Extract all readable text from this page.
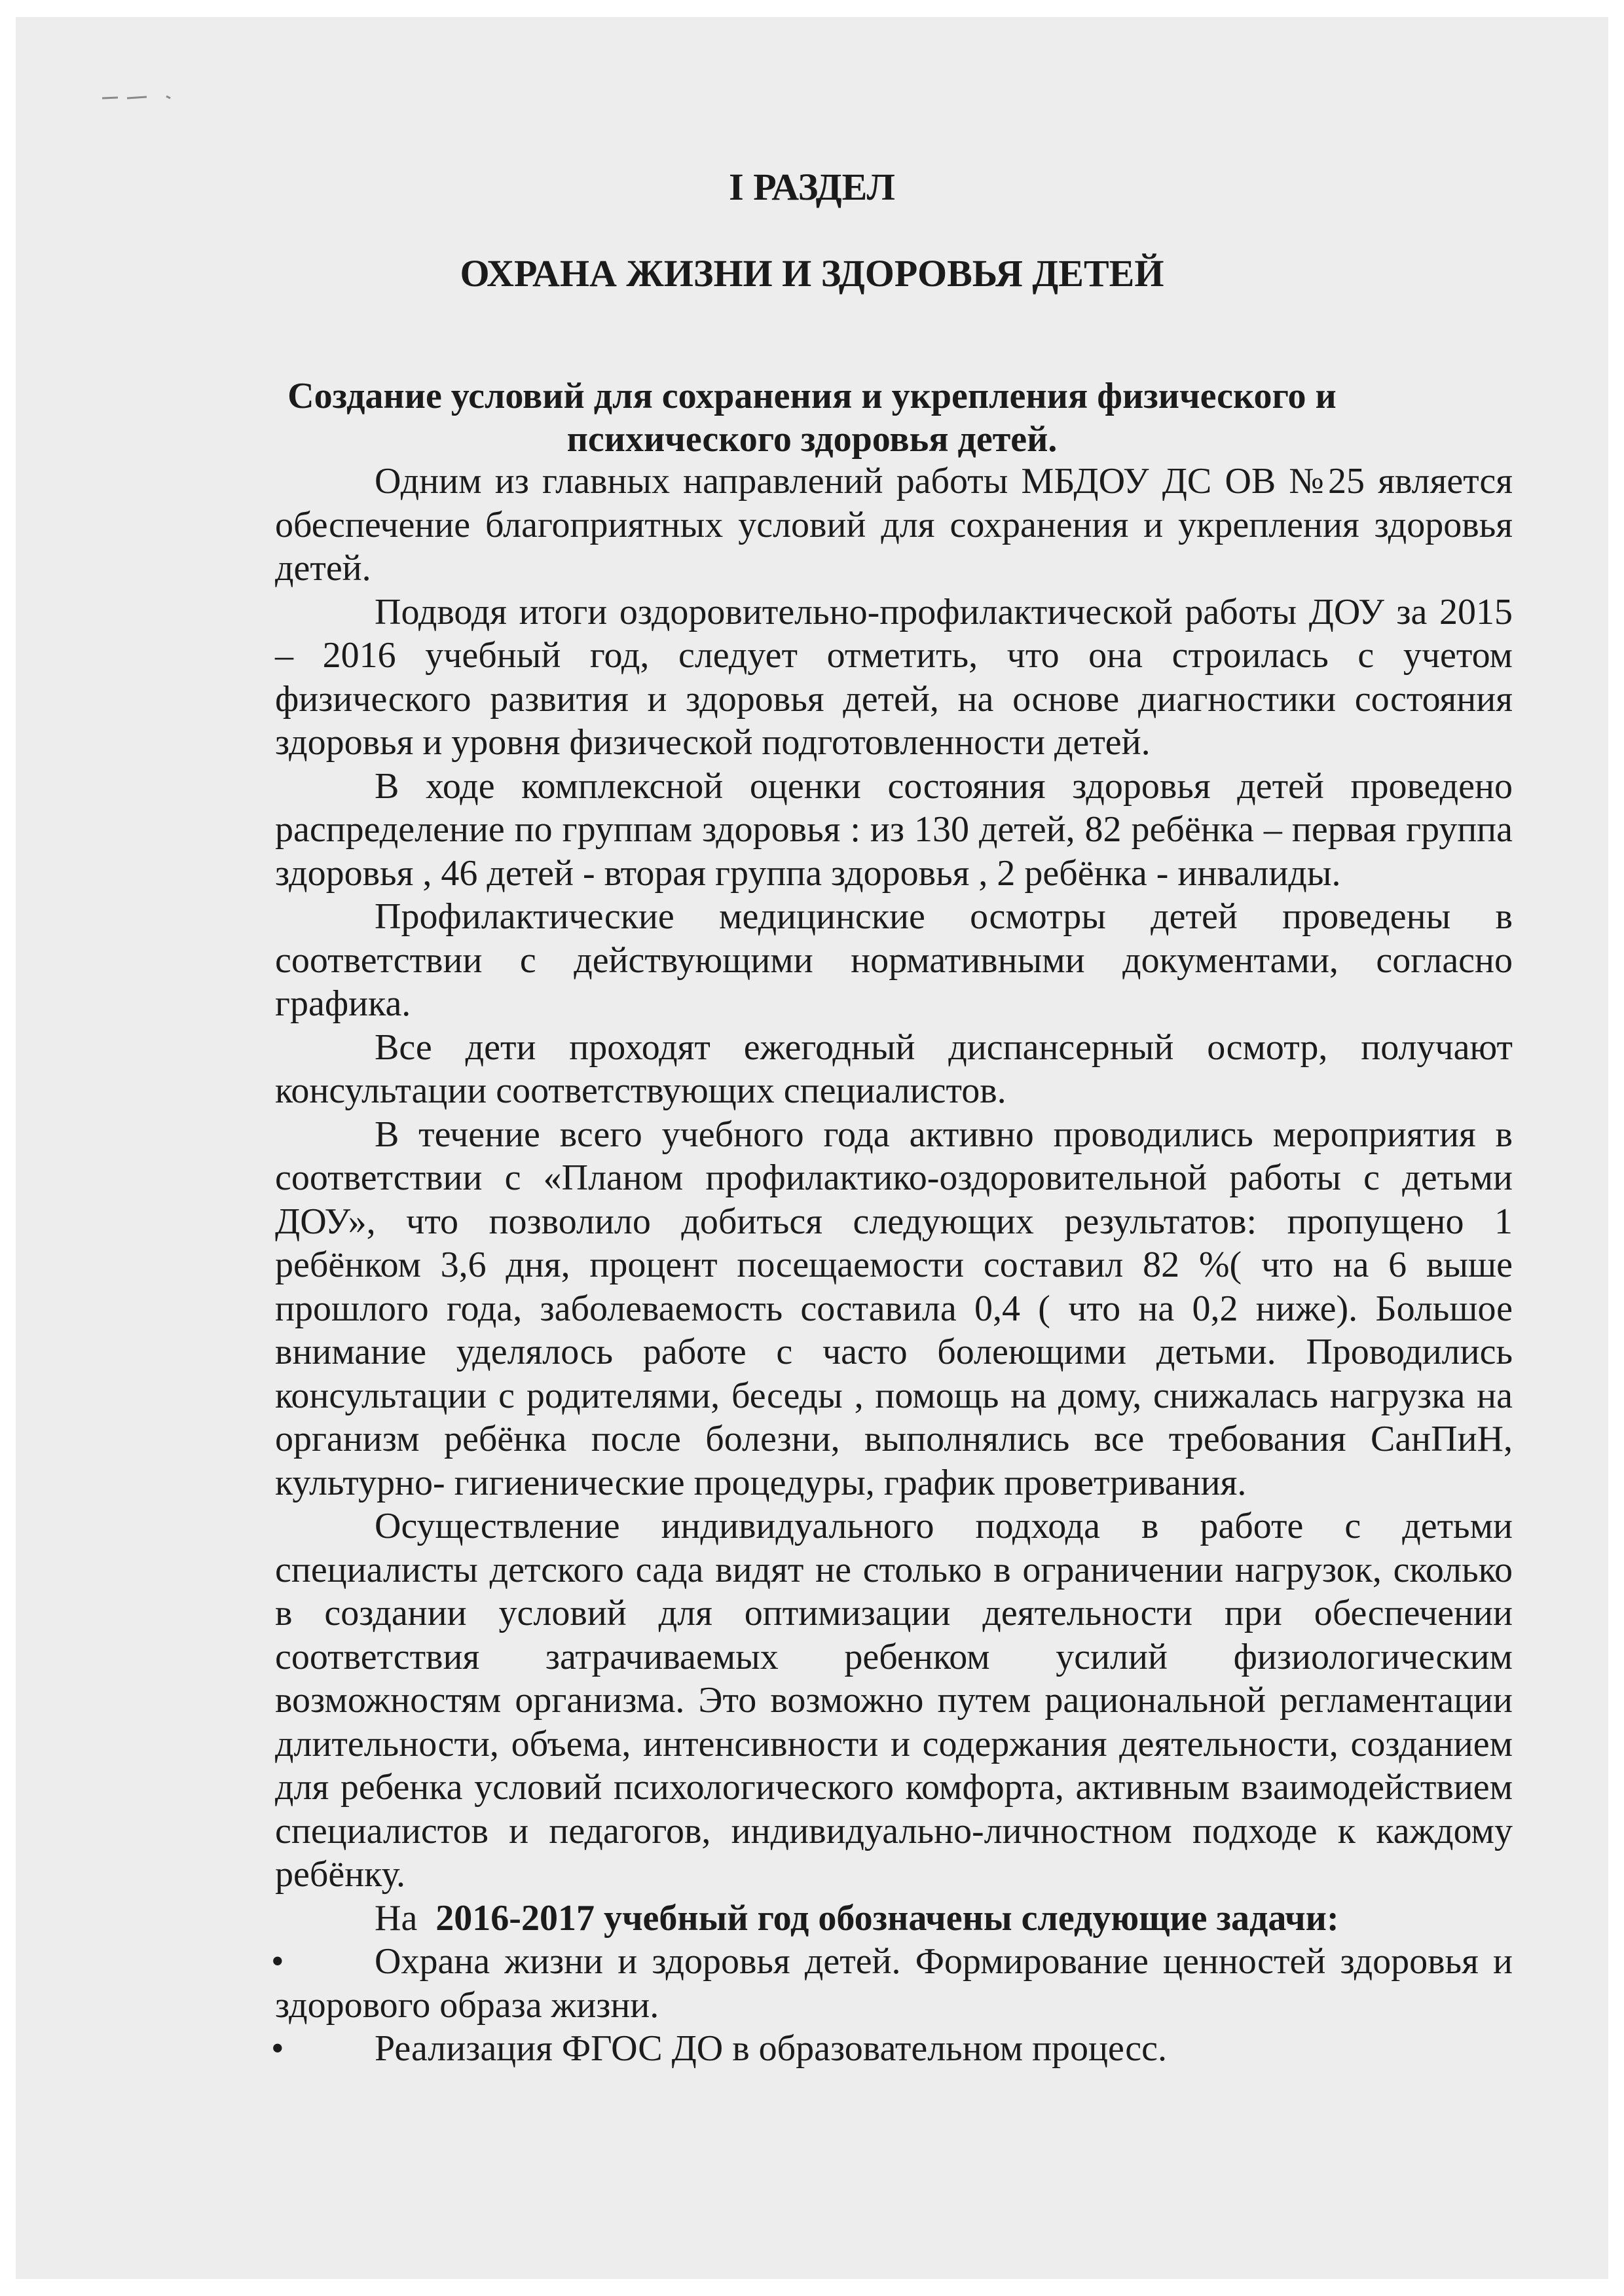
I РАЗДЕЛ
ОХРАНА ЖИЗНИ И ЗДОРОВЬЯ ДЕТЕЙ
Создание условий для сохранения и укрепления физического и психического здоровья детей.

Одним из главных направлений работы МБДОУ ДС ОВ №25 является обеспечение благоприятных условий для сохранения и укрепления здоровья детей.

Подводя итоги оздоровительно-профилактической работы ДОУ за 2015 – 2016 учебный год, следует отметить, что она строилась с учетом физического развития и здоровья детей, на основе диагностики состояния здоровья и уровня физической подготовленности детей.

В ходе комплексной оценки состояния здоровья детей проведено распределение по группам здоровья : из 130 детей, 82 ребёнка – первая группа здоровья , 46 детей - вторая группа здоровья , 2 ребёнка - инвалиды.

Профилактические медицинские осмотры детей проведены в соответствии с действующими нормативными документами, согласно графика.

Все дети проходят ежегодный диспансерный осмотр, получают консультации соответствующих специалистов.

В течение всего учебного года активно проводились мероприятия в соответствии с «Планом профилактико-оздоровительной работы с детьми ДОУ», что позволило добиться следующих результатов: пропущено 1 ребёнком 3,6 дня, процент посещаемости составил 82 %( что на 6 выше прошлого года, заболеваемость составила 0,4 ( что на 0,2 ниже). Большое внимание уделялось работе с часто болеющими детьми. Проводились консультации с родителями, беседы , помощь на дому, снижалась нагрузка на организм ребёнка после болезни, выполнялись все требования СанПиН, культурно- гигиенические процедуры, график проветривания.

Осуществление индивидуального подхода в работе с детьми специалисты детского сада видят не столько в ограничении нагрузок, сколько в создании условий для оптимизации деятельности при обеспечении соответствия затрачиваемых ребенком усилий физиологическим возможностям организма. Это возможно путем рациональной регламентации длительности, объема, интенсивности и содержания деятельности, созданием для ребенка условий психологического комфорта, активным взаимодействием специалистов и педагогов, индивидуально-личностном подходе к каждому ребёнку.

На 2016-2017 учебный год обозначены следующие задачи:

•	Охрана жизни и здоровья детей. Формирование ценностей здоровья и здорового образа жизни.
•	Реализация ФГОС ДО в образовательном процесс.
